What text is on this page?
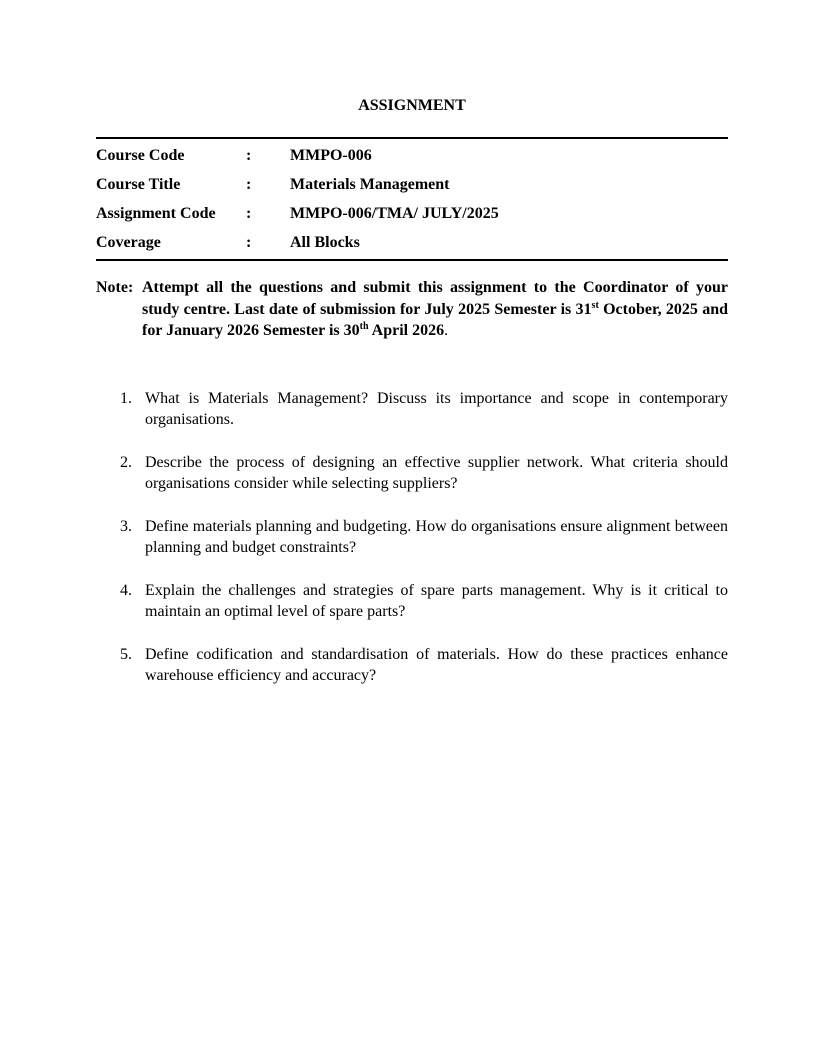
ASSIGNMENT
Course Code	:	MMPO-006
Course Title	:	Materials Management
Assignment Code	:	MMPO-006/TMA/ JULY/2025
Coverage	:	All Blocks
Note: Attempt all the questions and submit this assignment to the Coordinator of your study centre. Last date of submission for July 2025 Semester is 31st October, 2025 and for January 2026 Semester is 30th April 2026.
1. What is Materials Management? Discuss its importance and scope in contemporary organisations.
2. Describe the process of designing an effective supplier network. What criteria should organisations consider while selecting suppliers?
3. Define materials planning and budgeting. How do organisations ensure alignment between planning and budget constraints?
4. Explain the challenges and strategies of spare parts management. Why is it critical to maintain an optimal level of spare parts?
5. Define codification and standardisation of materials. How do these practices enhance warehouse efficiency and accuracy?
